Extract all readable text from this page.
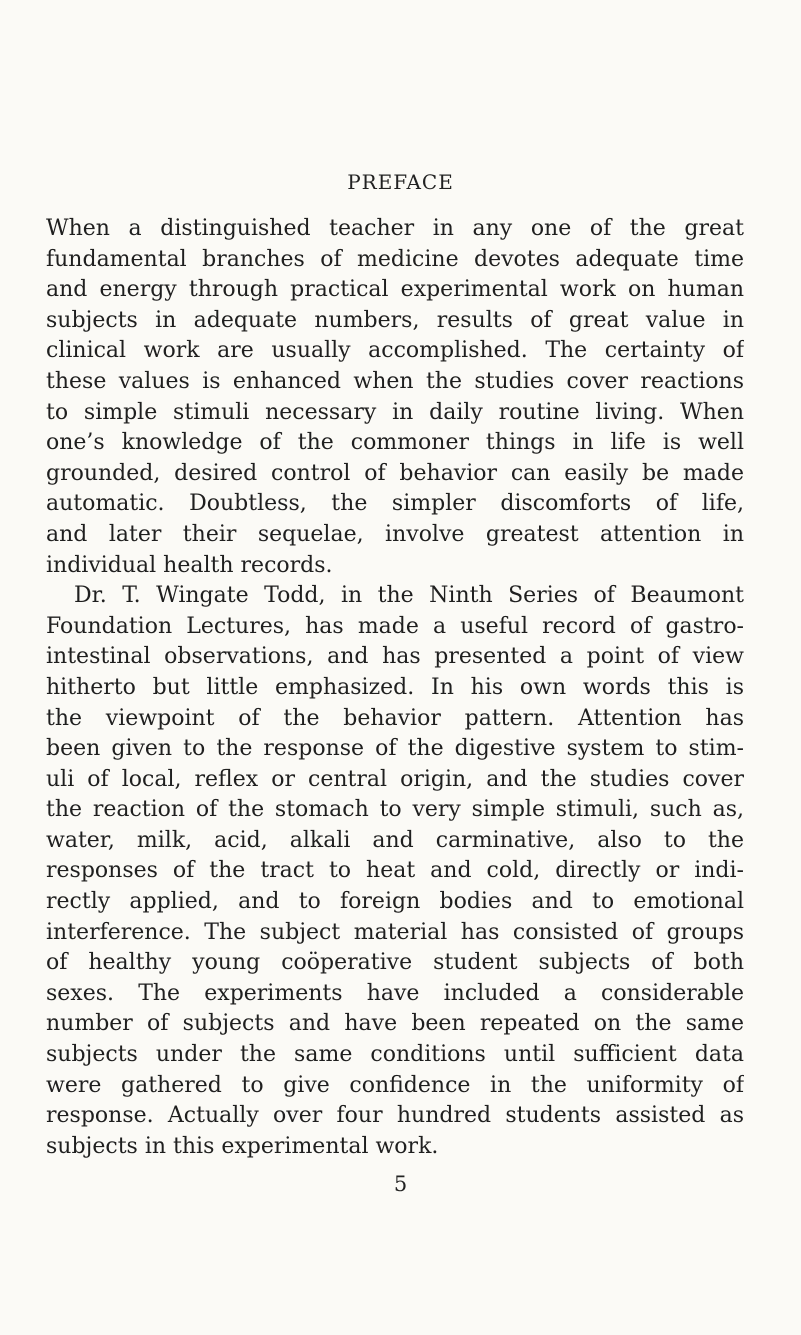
PREFACE
When a distinguished teacher in any one of the great
fundamental branches of medicine devotes adequate time
and energy through practical experimental work on human
subjects in adequate numbers, results of great value in
clinical work are usually accomplished. The certainty of
these values is enhanced when the studies cover reactions
to simple stimuli necessary in daily routine living. When
one’s knowledge of the commoner things in life is well
grounded, desired control of behavior can easily be made
automatic. Doubtless, the simpler discomforts of life,
and later their sequelae, involve greatest attention in
individual health records.
Dr. T. Wingate Todd, in the Ninth Series of Beaumont
Foundation Lectures, has made a useful record of gastro-
intestinal observations, and has presented a point of view
hitherto but little emphasized. In his own words this is
the viewpoint of the behavior pattern. Attention has
been given to the response of the digestive system to stim-
uli of local, reflex or central origin, and the studies cover
the reaction of the stomach to very simple stimuli, such as,
water, milk, acid, alkali and carminative, also to the
responses of the tract to heat and cold, directly or indi-
rectly applied, and to foreign bodies and to emotional
interference. The subject material has consisted of groups
of healthy young coöperative student subjects of both
sexes. The experiments have included a considerable
number of subjects and have been repeated on the same
subjects under the same conditions until sufficient data
were gathered to give confidence in the uniformity of
response. Actually over four hundred students assisted as
subjects in this experimental work.
5
